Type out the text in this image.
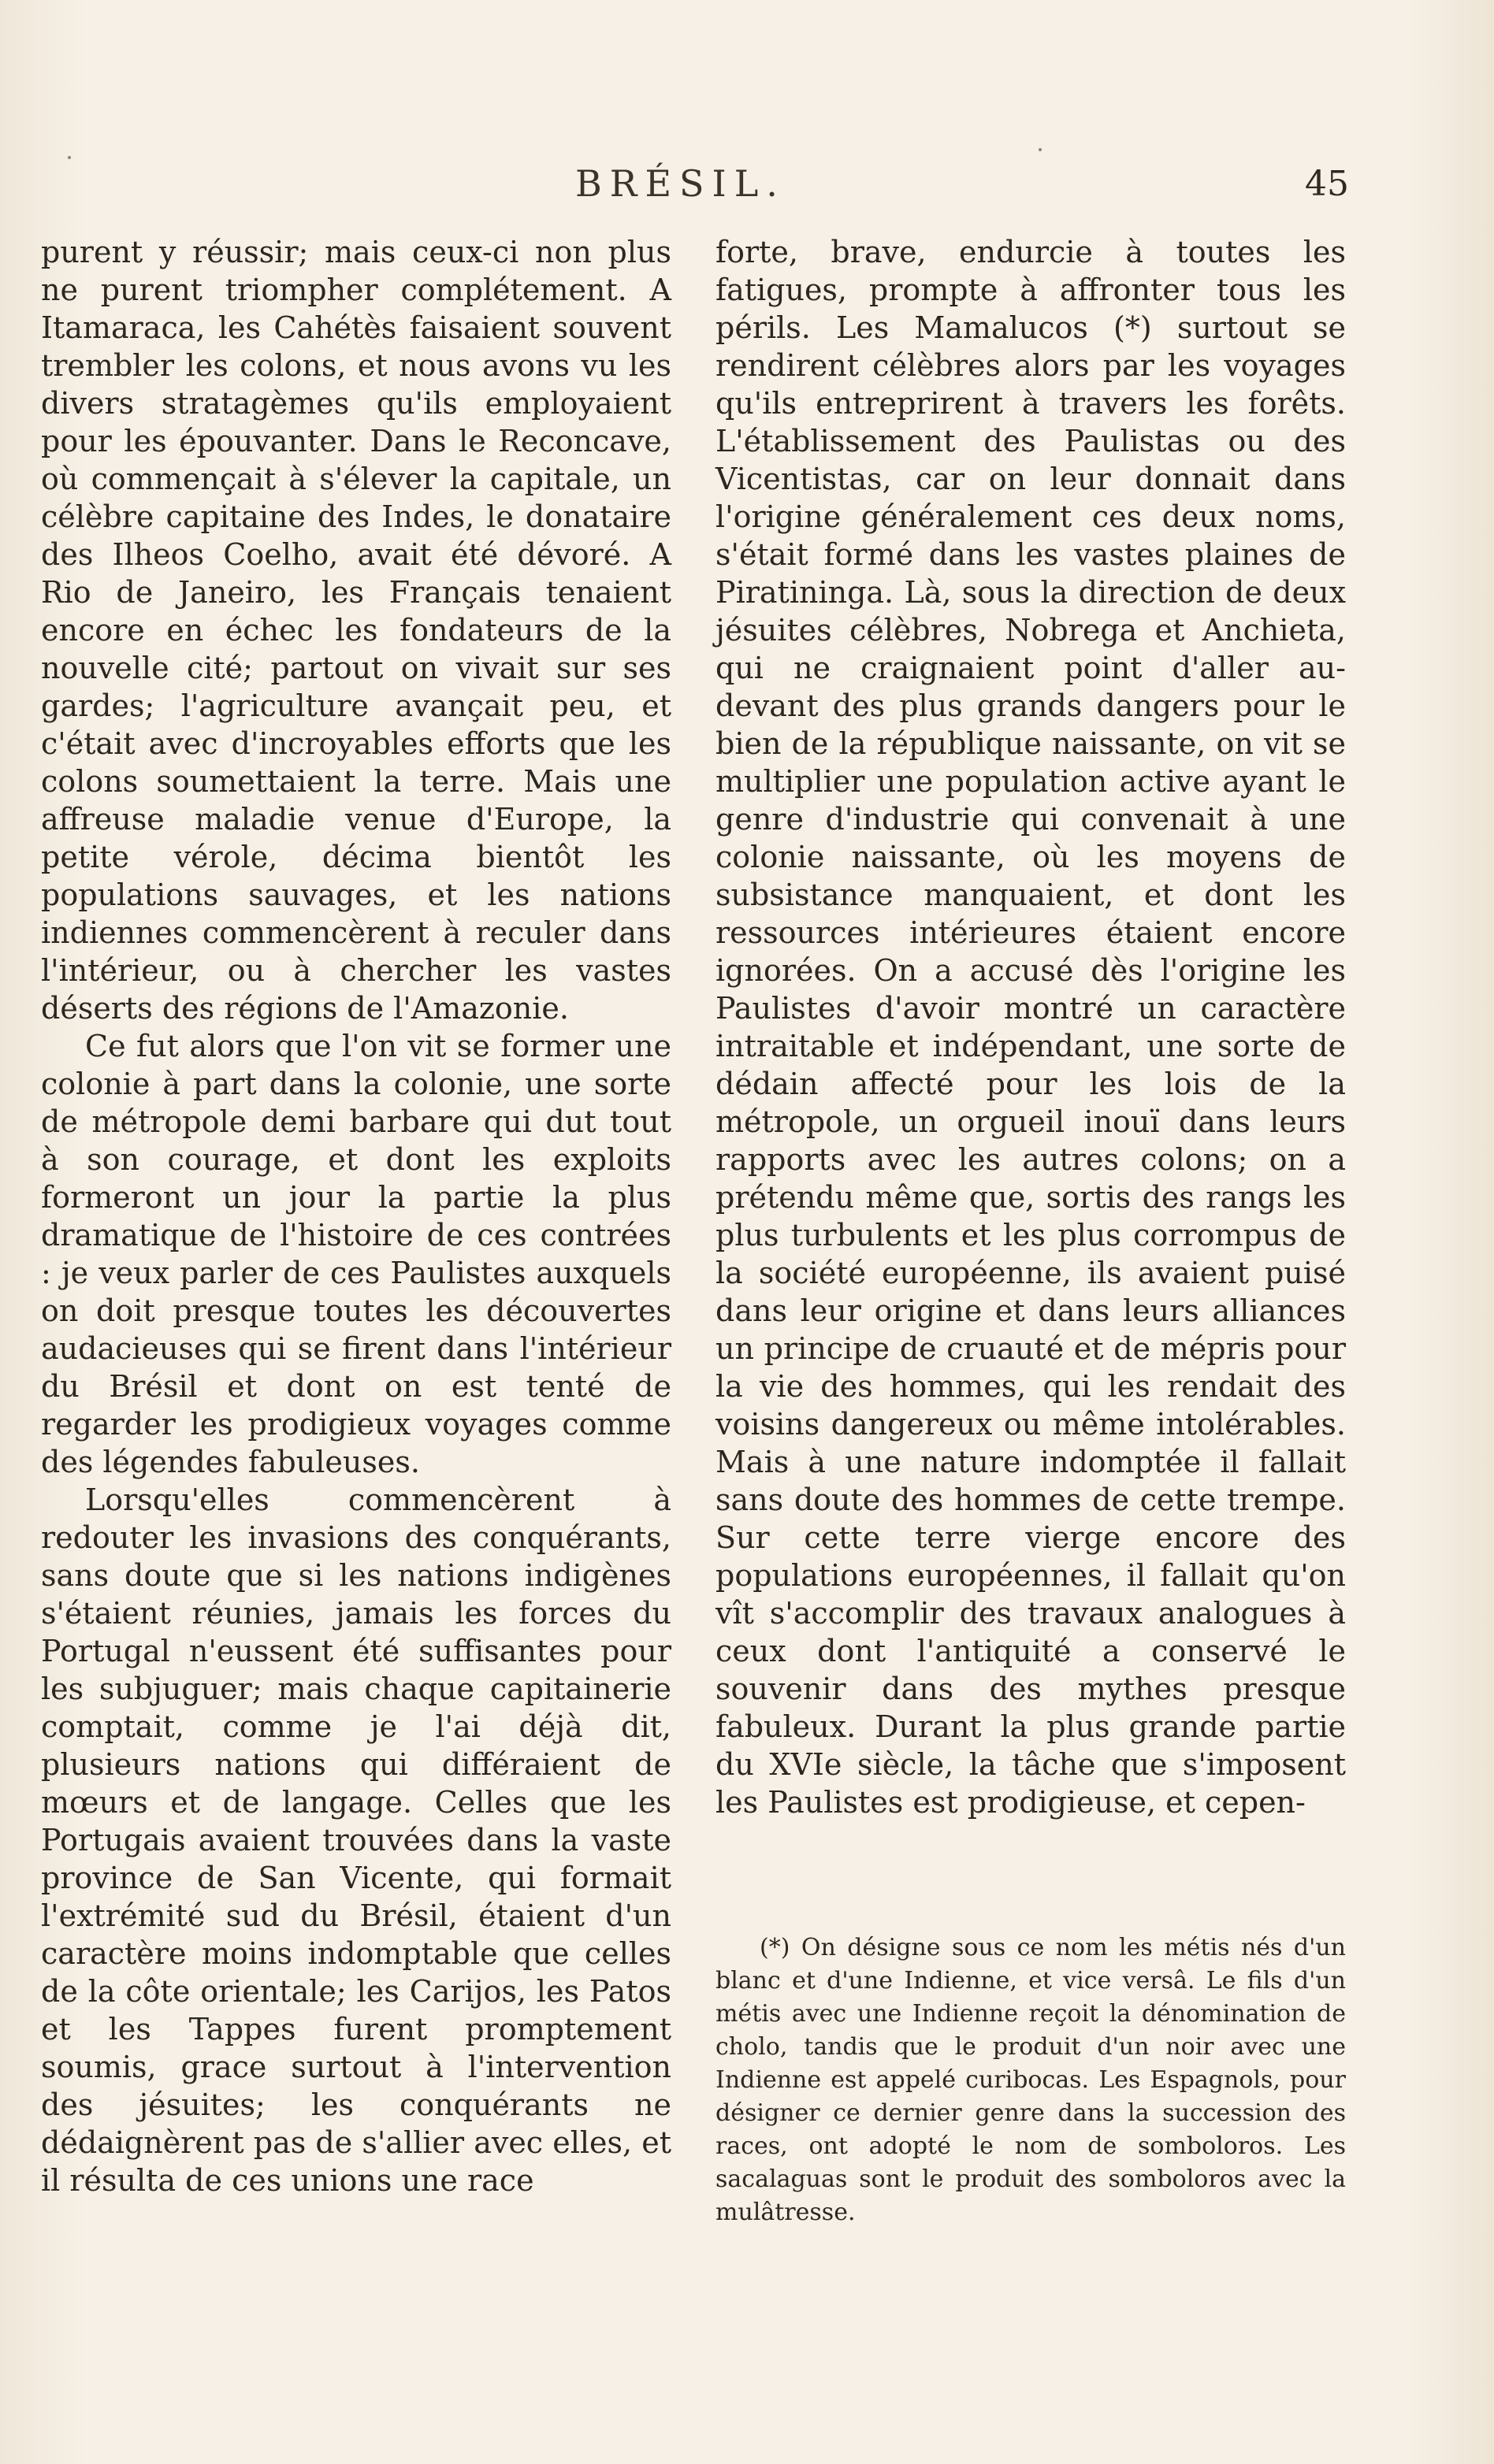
BRÉSIL.	45

purent y réussir; mais ceux-ci non plus ne purent triompher complétement. A Itamaraca, les Cahétès faisaient souvent trembler les colons, et nous avons vu les divers stratagèmes qu'ils employaient pour les épouvanter. Dans le Reconcave, où commençait à s'élever la capitale, un célèbre capitaine des Indes, le donataire des Ilheos Coelho, avait été dévoré. A Rio de Janeiro, les Français tenaient encore en échec les fondateurs de la nouvelle cité; partout on vivait sur ses gardes; l'agriculture avançait peu, et c'était avec d'incroyables efforts que les colons soumettaient la terre. Mais une affreuse maladie venue d'Europe, la petite vérole, décima bientôt les populations sauvages, et les nations indiennes commencèrent à reculer dans l'intérieur, ou à chercher les vastes déserts des régions de l'Amazonie.

Ce fut alors que l'on vit se former une colonie à part dans la colonie, une sorte de métropole demi barbare qui dut tout à son courage, et dont les exploits formeront un jour la partie la plus dramatique de l'histoire de ces contrées : je veux parler de ces Paulistes auxquels on doit presque toutes les découvertes audacieuses qui se firent dans l'intérieur du Brésil et dont on est tenté de regarder les prodigieux voyages comme des légendes fabuleuses.

Lorsqu'elles commencèrent à redouter les invasions des conquérants, sans doute que si les nations indigènes s'étaient réunies, jamais les forces du Portugal n'eussent été suffisantes pour les subjuguer; mais chaque capitainerie comptait, comme je l'ai déjà dit, plusieurs nations qui différaient de mœurs et de langage. Celles que les Portugais avaient trouvées dans la vaste province de San Vicente, qui formait l'extrémité sud du Brésil, étaient d'un caractère moins indomptable que celles de la côte orientale; les Carijos, les Patos et les Tappes furent promptement soumis, grace surtout à l'intervention des jésuites; les conquérants ne dédaignèrent pas de s'allier avec elles, et il résulta de ces unions une race

forte, brave, endurcie à toutes les fatigues, prompte à affronter tous les périls. Les Mamalucos (*) surtout se rendirent célèbres alors par les voyages qu'ils entreprirent à travers les forêts. L'établissement des Paulistas ou des Vicentistas, car on leur donnait dans l'origine généralement ces deux noms, s'était formé dans les vastes plaines de Piratininga. Là, sous la direction de deux jésuites célèbres, Nobrega et Anchieta, qui ne craignaient point d'aller au-devant des plus grands dangers pour le bien de la république naissante, on vit se multiplier une population active ayant le genre d'industrie qui convenait à une colonie naissante, où les moyens de subsistance manquaient, et dont les ressources intérieures étaient encore ignorées. On a accusé dès l'origine les Paulistes d'avoir montré un caractère intraitable et indépendant, une sorte de dédain affecté pour les lois de la métropole, un orgueil inouï dans leurs rapports avec les autres colons; on a prétendu même que, sortis des rangs les plus turbulents et les plus corrompus de la société européenne, ils avaient puisé dans leur origine et dans leurs alliances un principe de cruauté et de mépris pour la vie des hommes, qui les rendait des voisins dangereux ou même intolérables. Mais à une nature indomptée il fallait sans doute des hommes de cette trempe. Sur cette terre vierge encore des populations européennes, il fallait qu'on vît s'accomplir des travaux analogues à ceux dont l'antiquité a conservé le souvenir dans des mythes presque fabuleux. Durant la plus grande partie du XVIe siècle, la tâche que s'imposent les Paulistes est prodigieuse, et cepen-

(*) On désigne sous ce nom les métis nés d'un blanc et d'une Indienne, et vice versâ. Le fils d'un métis avec une Indienne reçoit la dénomination de cholo, tandis que le produit d'un noir avec une Indienne est appelé curibocas. Les Espagnols, pour désigner ce dernier genre dans la succession des races, ont adopté le nom de somboloros. Les sacalaguas sont le produit des somboloros avec la mulâtresse.
